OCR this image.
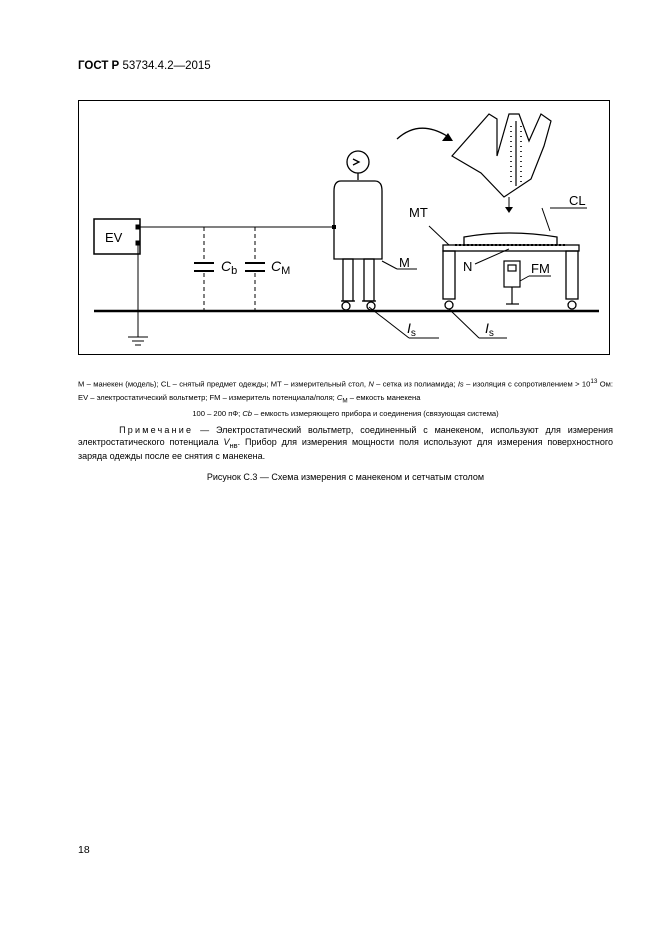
ГОСТ Р 53734.4.2—2015
EV
$C_b$ $C_M$
M
MT
CL
N	FM
$I_s$	$I_s$
M – манекен (модель); CL – снятый предмет одежды; MT – измерительный стол, N – сетка из полиамида; Is – изоляция с сопротивлением > $10^{13}$ Ом: EV – электростатический вольтметр; FM – измеритель потенциала/поля; $C_M$ – емкость манекена
100 – 200 пФ; Cb – емкость измеряющего прибора и соединения (связующая система)
Примечание — Электростатический вольтметр, соединенный с манекеном, используют для измерения электростатического потенциала $V_{нв}$. Прибор для измерения мощности поля используют для измерения поверхностного заряда одежды после ее снятия с манекена.
Рисунок С.3 — Схема измерения с манекеном и сетчатым столом
18
